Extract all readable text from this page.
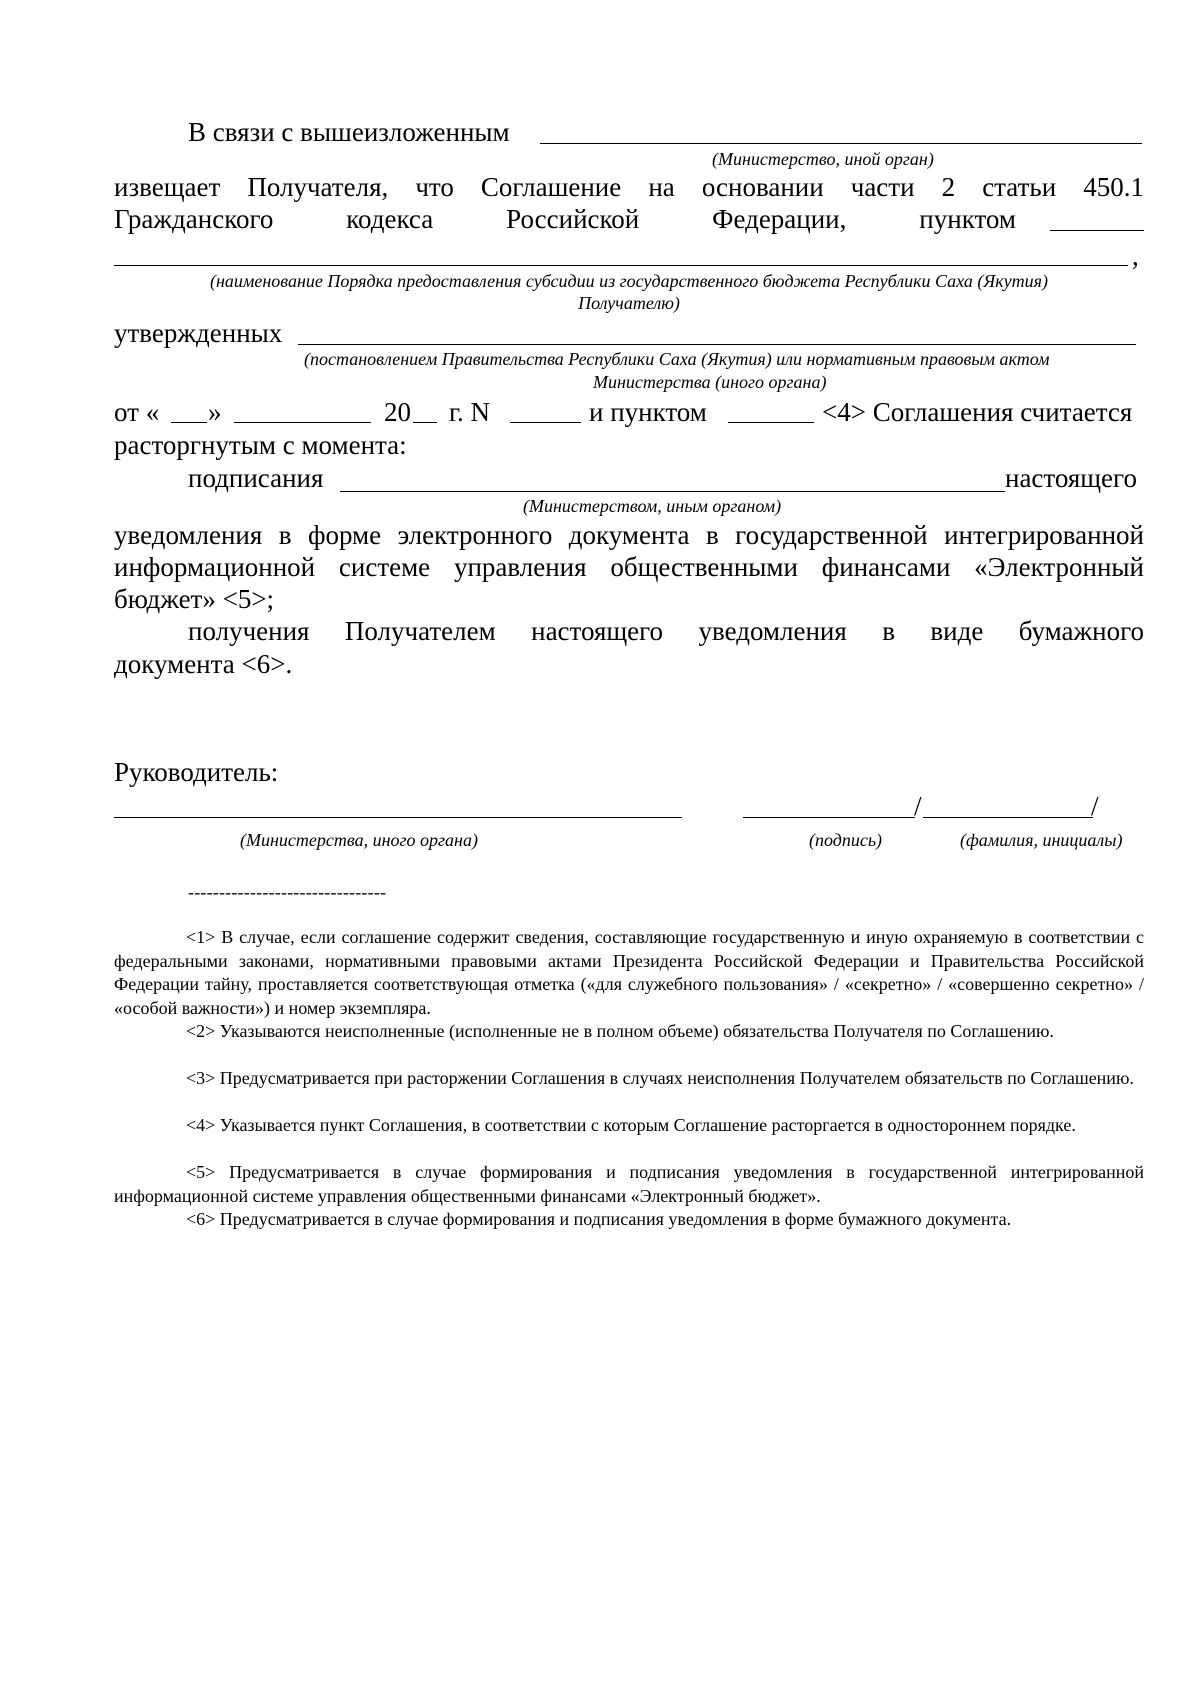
В связи с вышеизложенным
(Министерство, иной орган)
извещает Получателя, что Соглашение на основании части 2 статьи 450.1
Гражданского кодекса Российской Федерации, пунктом
,
(наименование Порядка предоставления субсидии из государственного бюджета Республики Саха (Якутия)
Получателю)
утвержденных
(постановлением Правительства Республики Саха (Якутия) или нормативным правовым актом
Министерства (иного органа)
от « »	20 г. N	и пунктом	<4> Соглашения считается
расторгнутым с момента:
подписания	настоящего
(Министерством, иным органом)
уведомления в форме электронного документа в государственной интегрированной
информационной системе управления общественными финансами «Электронный
бюджет» <5>;
получения Получателем настоящего уведомления в виде бумажного
документа <6>.
Руководитель:
/	/
(Министерства, иного органа)	(подпись)	(фамилия, инициалы)
--------------------------------
<1> В случае, если соглашение содержит сведения, составляющие государственную и иную охраняемую в соответствии с федеральными законами, нормативными правовыми актами Президента Российской Федерации и Правительства Российской Федерации тайну, проставляется соответствующая отметка («для служебного пользования» / «секретно» / «совершенно секретно» / «особой важности») и номер экземпляра.
<2> Указываются неисполненные (исполненные не в полном объеме) обязательства Получателя по Соглашению.
<3> Предусматривается при расторжении Соглашения в случаях неисполнения Получателем обязательств по Соглашению.
<4> Указывается пункт Соглашения, в соответствии с которым Соглашение расторгается в одностороннем порядке.
<5> Предусматривается в случае формирования и подписания уведомления в государственной интегрированной информационной системе управления общественными финансами «Электронный бюджет».
<6> Предусматривается в случае формирования и подписания уведомления в форме бумажного документа.
